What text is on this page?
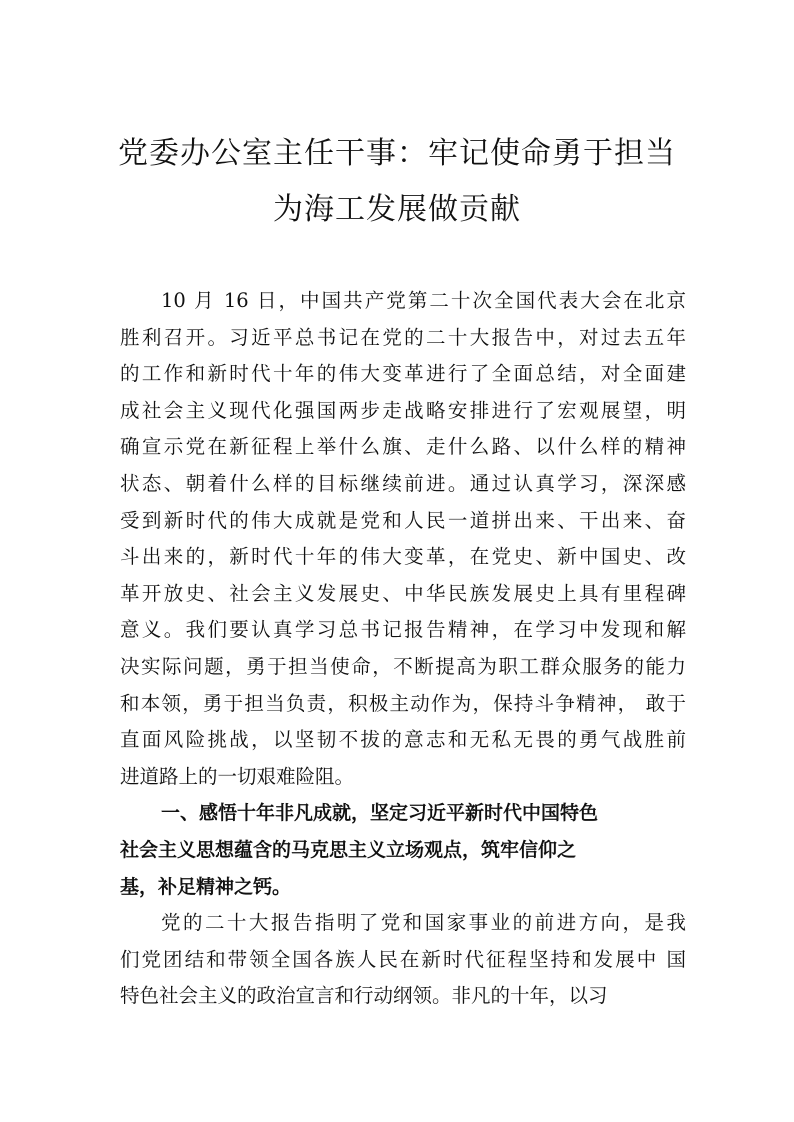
党委办公室主任干事：牢记使命勇于担当
为海工发展做贡献
10 月 16 日，中国共产党第二十次全国代表大会在北京
胜利召开。习近平总书记在党的二十大报告中，对过去五年
的工作和新时代十年的伟大变革进行了全面总结，对全面建
成社会主义现代化强国两步走战略安排进行了宏观展望，明
确宣示党在新征程上举什么旗、走什么路、以什么样的精神
状态、朝着什么样的目标继续前进。通过认真学习，深深感
受到新时代的伟大成就是党和人民一道拼出来、干出来、奋
斗出来的，新时代十年的伟大变革，在党史、新中国史、改
革开放史、社会主义发展史、中华民族发展史上具有里程碑
意义。我们要认真学习总书记报告精神，在学习中发现和解
决实际问题，勇于担当使命，不断提高为职工群众服务的能力
和本领，勇于担当负责，积极主动作为，保持斗争精神， 敢于
直面风险挑战，以坚韧不拔的意志和无私无畏的勇气战胜前
进道路上的一切艰难险阻。
一、感悟十年非凡成就，坚定习近平新时代中国特色
社会主义思想蕴含的马克思主义立场观点，筑牢信仰之
基，补足精神之钙。
党的二十大报告指明了党和国家事业的前进方向，是我
们党团结和带领全国各族人民在新时代征程坚持和发展中 国
特色社会主义的政治宣言和行动纲领。非凡的十年，以习
